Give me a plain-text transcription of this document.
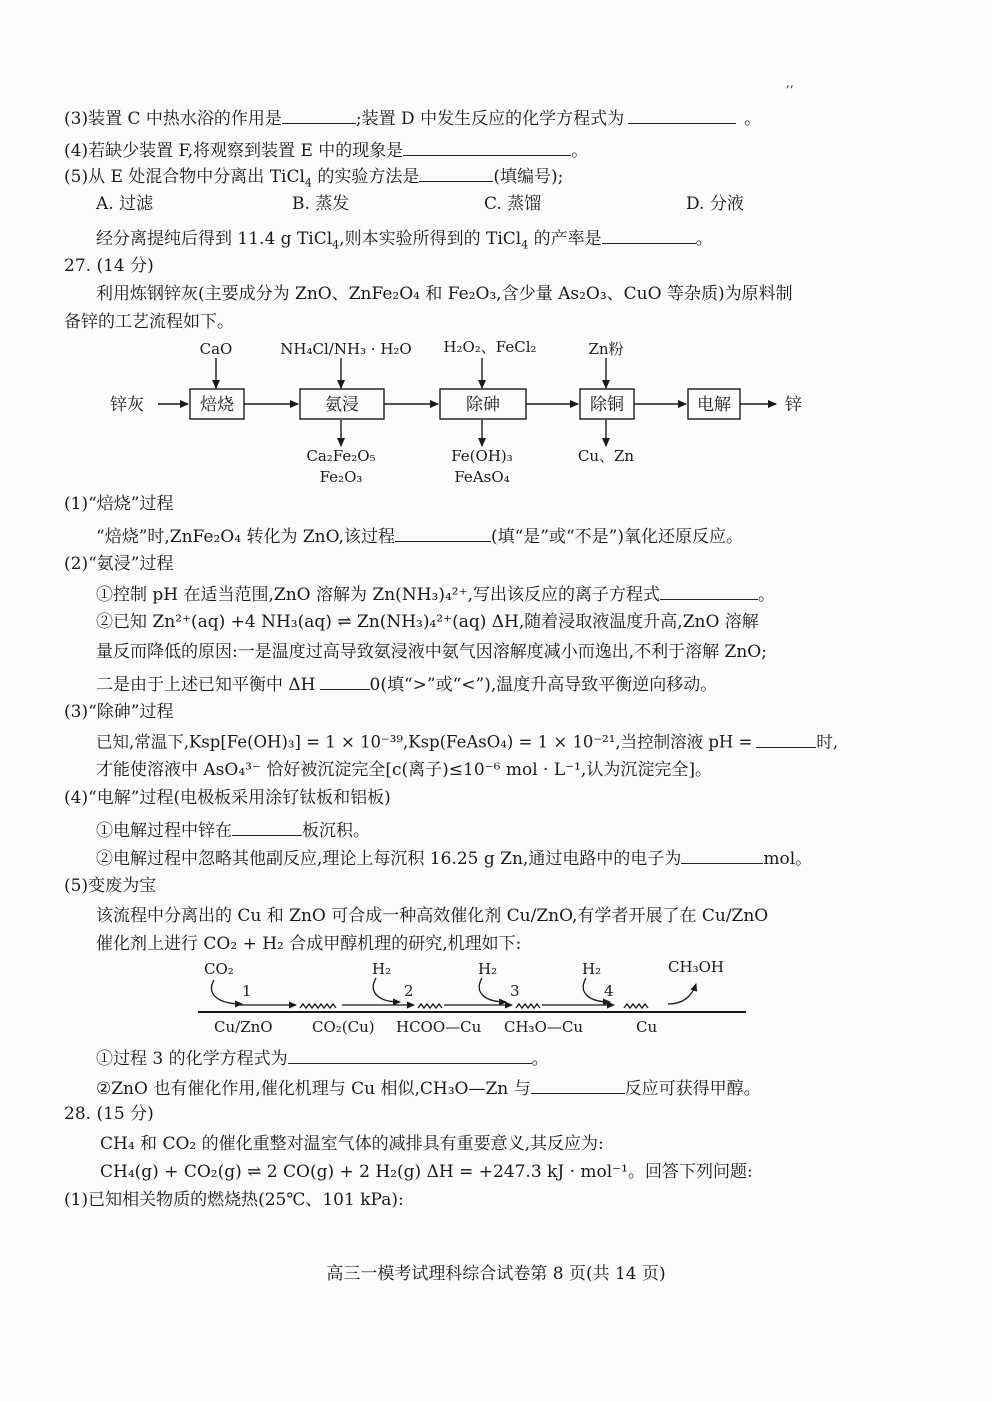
,,
(3)装置 C 中热水浴的作用是	;装置 D 中发生反应的化学方程式为	。
(4)若缺少装置 F,将观察到装置 E 中的现象是	。
(5)从 E 处混合物中分离出 TiCl$_4$ 的实验方法是	(填编号);
A. 过滤	B. 蒸发	C. 蒸馏	D. 分液
经分离提纯后得到 11.4 g TiCl$_4$,则本实验所得到的 TiCl$_4$ 的产率是	。
27. (14 分)
利用炼钢锌灰(主要成分为 ZnO、ZnFe₂O₄ 和 Fe₂O₃,含少量 As₂O₃、CuO 等杂质)为原料制
备锌的工艺流程如下。
锌灰	锌
焙烧	氨浸	除砷	除铜	电解
CaO	NH₄Cl/NH₃ · H₂O H₂O₂、FeCl₂	Zn粉
Ca₂Fe₂O₅
Fe₂O₃
Fe(OH)₃
FeAsO₄
Cu、Zn
(1)“焙烧”过程
“焙烧”时,ZnFe₂O₄ 转化为 ZnO,该过程	(填“是”或“不是”)氧化还原反应。
(2)“氨浸”过程
①控制 pH 在适当范围,ZnO 溶解为 Zn(NH₃)₄²⁺,写出该反应的离子方程式	。
②已知 Zn²⁺(aq) +4 NH₃(aq) ⇌ Zn(NH₃)₄²⁺(aq) ΔH,随着浸取液温度升高,ZnO 溶解
量反而降低的原因:一是温度过高导致氨浸液中氨气因溶解度减小而逸出,不利于溶解 ZnO;
二是由于上述已知平衡中 ΔH	0(填“>”或“<”),温度升高导致平衡逆向移动。
(3)“除砷”过程
已知,常温下,Ksp[Fe(OH)₃] = 1 × 10⁻³⁹,Ksp(FeAsO₄) = 1 × 10⁻²¹,当控制溶液 pH =	时,
才能使溶液中 AsO₄³⁻ 恰好被沉淀完全[c(离子)≤10⁻⁶ mol · L⁻¹,认为沉淀完全]。
(4)“电解”过程(电极板采用涂钌钛板和铝板)
①电解过程中锌在	板沉积。
②电解过程中忽略其他副反应,理论上每沉积 16.25 g Zn,通过电路中的电子为	mol。
(5)变废为宝
该流程中分离出的 Cu 和 ZnO 可合成一种高效催化剂 Cu/ZnO,有学者开展了在 Cu/ZnO
催化剂上进行 CO₂ + H₂ 合成甲醇机理的研究,机理如下:
CO₂	H₂	H₂	H₂	CH₃OH
1	2	3	4
Cu/ZnO	CO₂(Cu) HCOO—Cu CH₃O—Cu	Cu
①过程 3 的化学方程式为	。
②ZnO 也有催化作用,催化机理与 Cu 相似,CH₃O—Zn 与	反应可获得甲醇。
28. (15 分)
CH₄ 和 CO₂ 的催化重整对温室气体的减排具有重要意义,其反应为:
CH₄(g) + CO₂(g) ⇌ 2 CO(g) + 2 H₂(g) ΔH = +247.3 kJ · mol⁻¹。回答下列问题:
(1)已知相关物质的燃烧热(25℃、101 kPa):
高三一模考试理科综合试卷第 8 页(共 14 页)
